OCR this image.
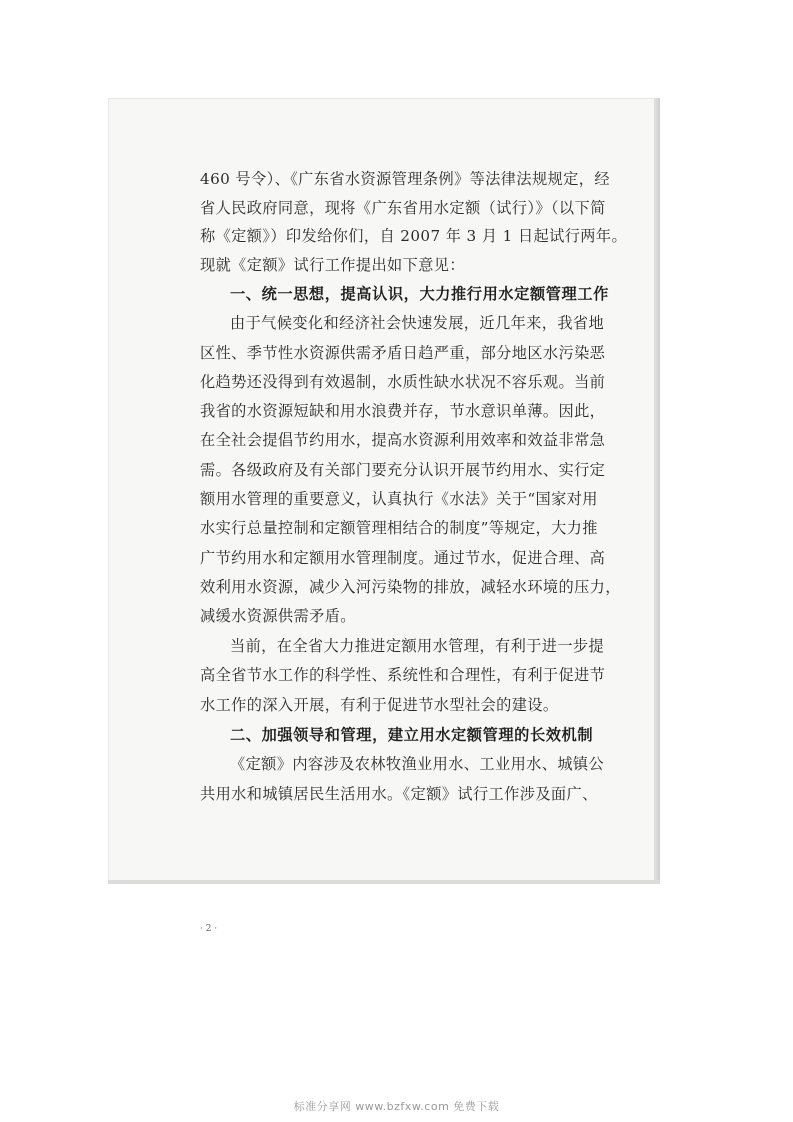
460 号令）、《广东省水资源管理条例》等法律法规规定，经
省人民政府同意，现将《广东省用水定额（试行）》（以下简
称《定额》）印发给你们，自 2007 年 3 月 1 日起试行两年。
现就《定额》试行工作提出如下意见：
一、统一思想，提高认识，大力推行用水定额管理工作
由于气候变化和经济社会快速发展，近几年来，我省地
区性、季节性水资源供需矛盾日趋严重，部分地区水污染恶
化趋势还没得到有效遏制，水质性缺水状况不容乐观。当前
我省的水资源短缺和用水浪费并存，节水意识单薄。因此，
在全社会提倡节约用水，提高水资源利用效率和效益非常急
需。各级政府及有关部门要充分认识开展节约用水、实行定
额用水管理的重要意义，认真执行《水法》关于“国家对用
水实行总量控制和定额管理相结合的制度”等规定，大力推
广节约用水和定额用水管理制度。通过节水，促进合理、高
效利用水资源，减少入河污染物的排放，减轻水环境的压力，
减缓水资源供需矛盾。
当前，在全省大力推进定额用水管理，有利于进一步提
高全省节水工作的科学性、系统性和合理性，有利于促进节
水工作的深入开展，有利于促进节水型社会的建设。
二、加强领导和管理，建立用水定额管理的长效机制
《定额》内容涉及农林牧渔业用水、工业用水、城镇公
共用水和城镇居民生活用水。《定额》试行工作涉及面广、
· 2 ·
标准分享网 www.bzfxw.com 免费下载
